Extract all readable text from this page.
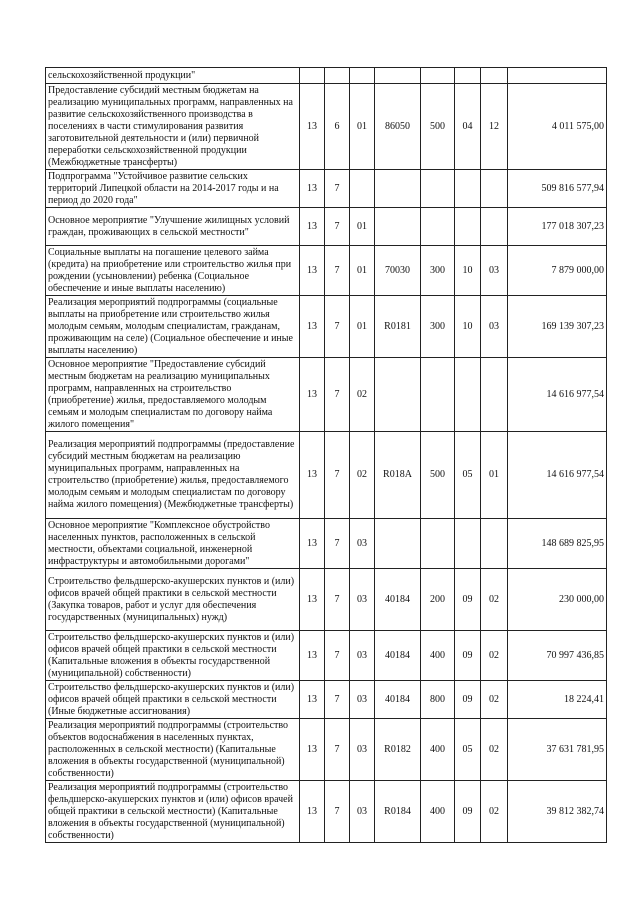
сельскохозяйственной продукции"								
Предоставление субсидий местным бюджетам на реализацию муниципальных программ, направленных на развитие сельскохозяйственного производства в поселениях в части стимулирования развития заготовительной деятельности и (или) первичной переработки сельскохозяйственной продукции (Межбюджетные трансферты)	13	6	01	86050	500	04	12	4 011 575,00
Подпрограмма "Устойчивое развитие сельских территорий Липецкой области на 2014-2017 годы и на период до 2020 года"	13	7						509 816 577,94
Основное мероприятие "Улучшение жилищных условий граждан, проживающих в сельской местности"	13	7	01					177 018 307,23
Социальные выплаты на погашение целевого займа (кредита) на приобретение или строительство жилья при рождении (усыновлении) ребенка (Социальное обеспечение и иные выплаты населению)	13	7	01	70030	300	10	03	7 879 000,00
Реализация мероприятий подпрограммы (социальные выплаты на приобретение или строительство жилья молодым семьям, молодым специалистам, гражданам, проживающим на селе) (Социальное обеспечение и иные выплаты населению)	13	7	01	R0181	300	10	03	169 139 307,23
Основное мероприятие "Предоставление субсидий местным бюджетам на реализацию муниципальных программ, направленных на строительство (приобретение) жилья, предоставляемого молодым семьям и молодым специалистам по договору найма жилого помещения"	13	7	02					14 616 977,54
Реализация мероприятий подпрограммы (предоставление субсидий местным бюджетам на реализацию муниципальных программ, направленных на строительство (приобретение) жилья, предоставляемого молодым семьям и молодым специалистам по договору найма жилого помещения) (Межбюджетные трансферты)	13	7	02	R018A	500	05	01	14 616 977,54
Основное мероприятие "Комплексное обустройство населенных пунктов, расположенных в сельской местности, объектами социальной, инженерной инфраструктуры и автомобильными дорогами"	13	7	03					148 689 825,95
Строительство фельдшерско-акушерских пунктов и (или) офисов врачей общей практики в сельской местности (Закупка товаров, работ и услуг для обеспечения государственных (муниципальных) нужд)	13	7	03	40184	200	09	02	230 000,00
Строительство фельдшерско-акушерских пунктов и (или) офисов врачей общей практики в сельской местности (Капитальные вложения в объекты государственной (муниципальной) собственности)	13	7	03	40184	400	09	02	70 997 436,85
Строительство фельдшерско-акушерских пунктов и (или) офисов врачей общей практики в сельской местности (Иные бюджетные ассигнования)	13	7	03	40184	800	09	02	18 224,41
Реализация мероприятий подпрограммы (строительство объектов водоснабжения в населенных пунктах, расположенных в сельской местности) (Капитальные вложения в объекты государственной (муниципальной) собственности)	13	7	03	R0182	400	05	02	37 631 781,95
Реализация мероприятий подпрограммы (строительство фельдшерско-акушерских пунктов и (или) офисов врачей общей практики в сельской местности) (Капитальные вложения в объекты государственной (муниципальной) собственности)	13	7	03	R0184	400	09	02	39 812 382,74
